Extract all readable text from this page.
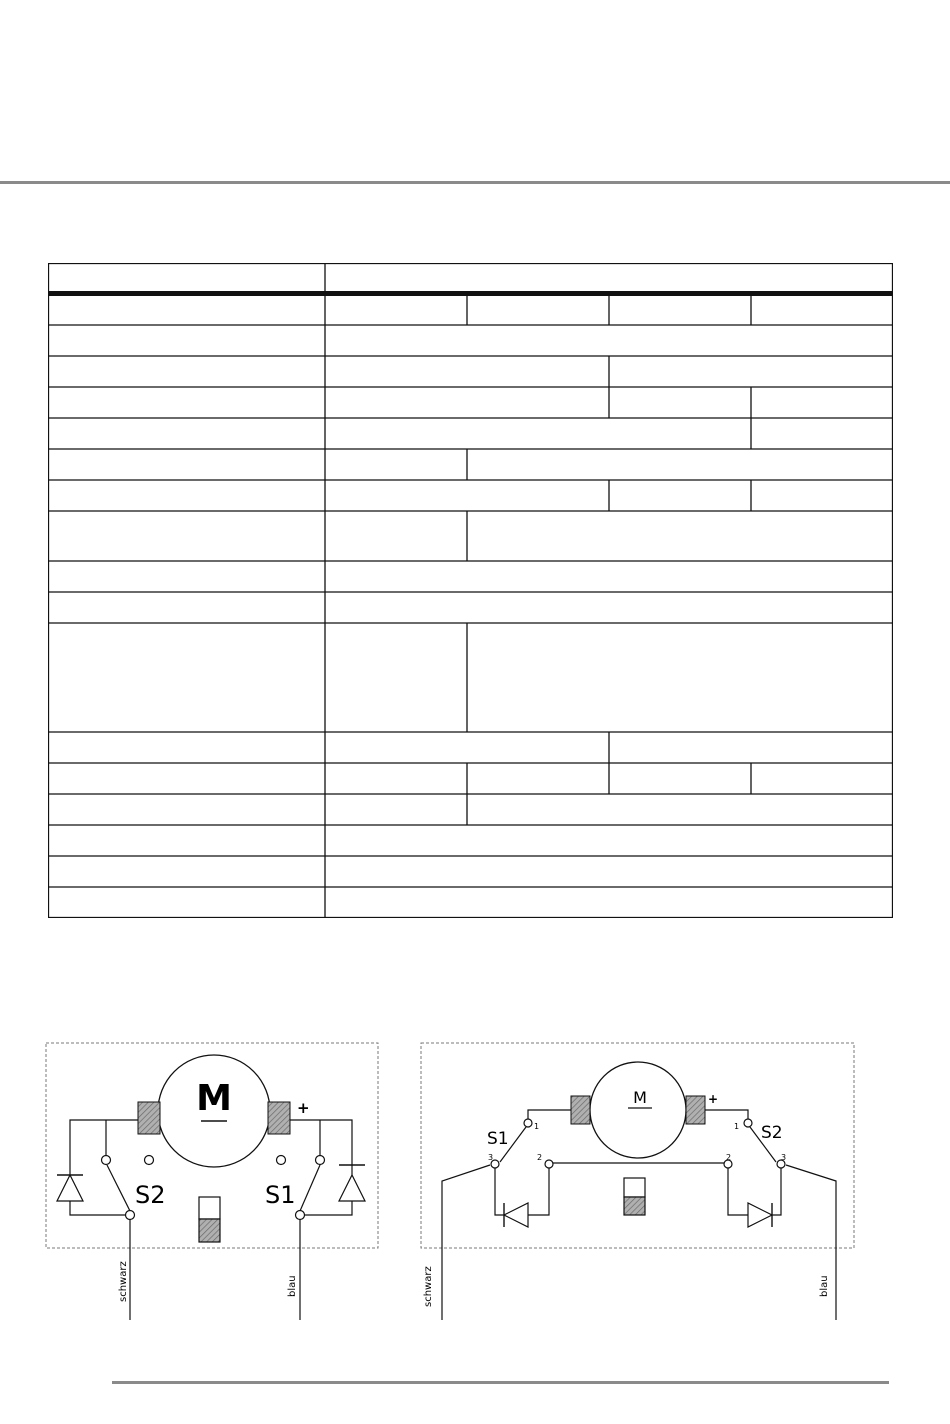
M	+
S2	S1
schwarz	blau
M	+
S1	S2
1
2
3
1
2	3
schwarz	blau
